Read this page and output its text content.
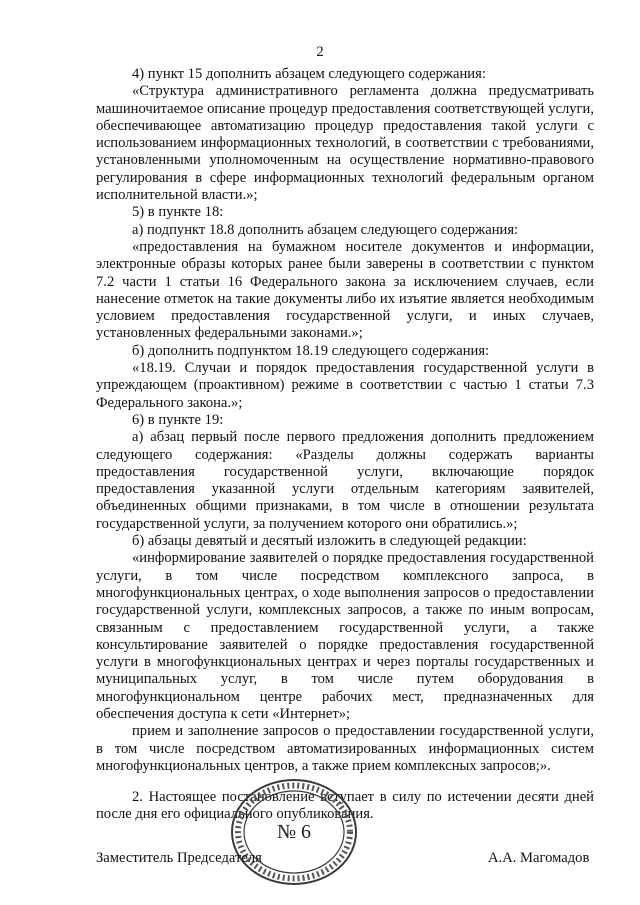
2

4) пункт 15 дополнить абзацем следующего содержания:

«Структура административного регламента должна предусматривать машиночитаемое описание процедур предоставления соответствующей услуги, обеспечивающее автоматизацию процедур предоставления такой услуги с использованием информационных технологий, в соответствии с требованиями, установленными уполномоченным на осуществление нормативно-правового регулирования в сфере информационных технологий федеральным органом исполнительной власти.»;

5) в пункте 18:

а) подпункт 18.8 дополнить абзацем следующего содержания:

«предоставления на бумажном носителе документов и информации, электронные образы которых ранее были заверены в соответствии с пунктом 7.2 части 1 статьи 16 Федерального закона за исключением случаев, если нанесение отметок на такие документы либо их изъятие является необходимым условием предоставления государственной услуги, и иных случаев, установленных федеральными законами.»;

б) дополнить подпунктом 18.19 следующего содержания:

«18.19. Случаи и порядок предоставления государственной услуги в упреждающем (проактивном) режиме в соответствии с частью 1 статьи 7.3 Федерального закона.»;

6) в пункте 19:

а) абзац первый после первого предложения дополнить предложением следующего содержания: «Разделы должны содержать варианты предоставления государственной услуги, включающие порядок предоставления указанной услуги отдельным категориям заявителей, объединенных общими признаками, в том числе в отношении результата государственной услуги, за получением которого они обратились.»;

б) абзацы девятый и десятый изложить в следующей редакции:

«информирование заявителей о порядке предоставления государственной услуги, в том числе посредством комплексного запроса, в многофункциональных центрах, о ходе выполнения запросов о предоставлении государственной услуги, комплексных запросов, а также по иным вопросам, связанным с предоставлением государственной услуги, а также консультирование заявителей о порядке предоставления государственной услуги в многофункциональных центрах и через порталы государственных и муниципальных услуг, в том числе путем оборудования в многофункциональном центре рабочих мест, предназначенных для обеспечения доступа к сети «Интернет»;

прием и заполнение запросов о предоставлении государственной услуги, в том числе посредством автоматизированных информационных систем многофункциональных центров, а также прием комплексных запросов;».

2. Настоящее постановление вступает в силу по истечении десяти дней после дня его официального опубликования.

№ 6
Заместитель Председателя	А.А. Магомадов
